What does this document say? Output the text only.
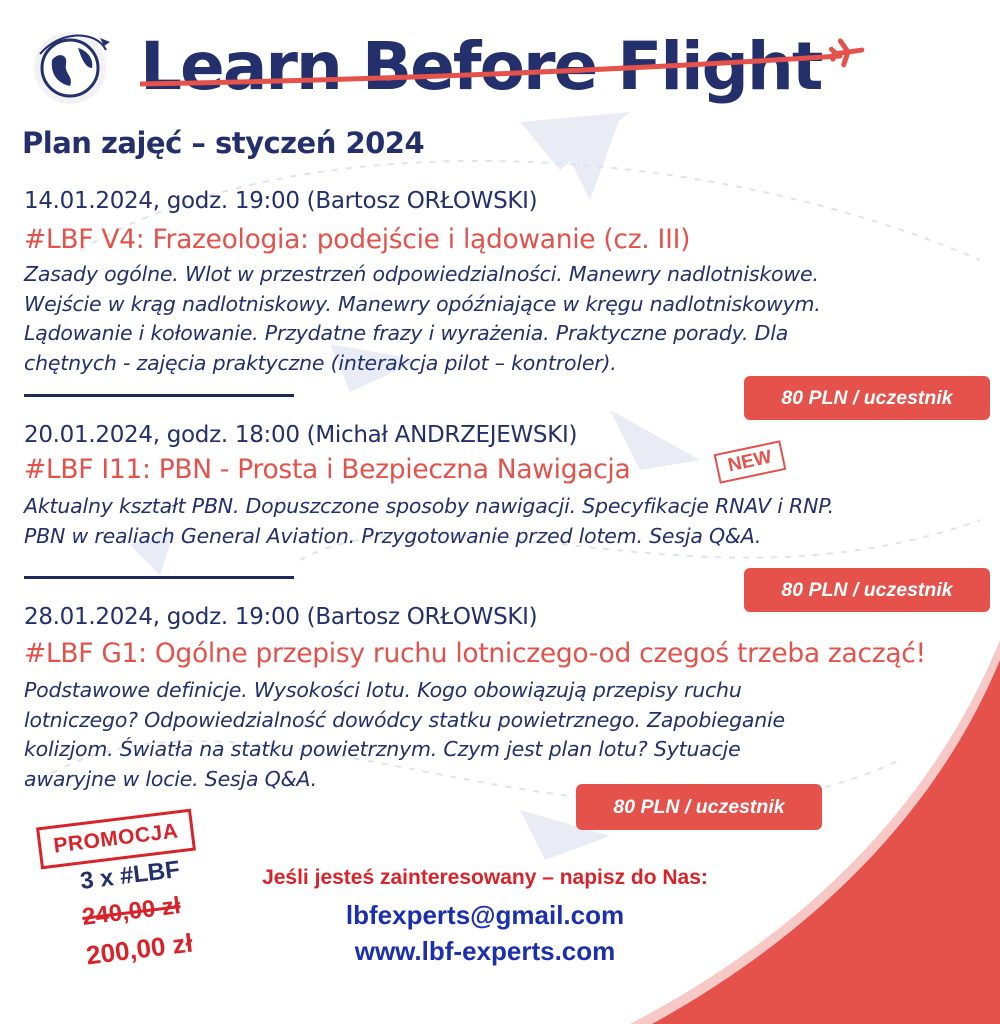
Learn Before Flight
Plan zajęć – styczeń 2024
14.01.2024, godz. 19:00 (Bartosz ORŁOWSKI)
#LBF V4: Frazeologia: podejście i lądowanie (cz. III)
Zasady ogólne. Wlot w przestrzeń odpowiedzialności. Manewry nadlotniskowe.
Wejście w krąg nadlotniskowy. Manewry opóźniające w kręgu nadlotniskowym.
Lądowanie i kołowanie. Przydatne frazy i wyrażenia. Praktyczne porady. Dla
chętnych - zajęcia praktyczne (interakcja pilot – kontroler).
80 PLN / uczestnik
20.01.2024, godz. 18:00 (Michał ANDRZEJEWSKI)
#LBF I11: PBN - Prosta i Bezpieczna Nawigacja	NEW
Aktualny kształt PBN. Dopuszczone sposoby nawigacji. Specyfikacje RNAV i RNP.
PBN w realiach General Aviation. Przygotowanie przed lotem. Sesja Q&A.
80 PLN / uczestnik
28.01.2024, godz. 19:00 (Bartosz ORŁOWSKI)
#LBF G1: Ogólne przepisy ruchu lotniczego-od czegoś trzeba zacząć!
Podstawowe definicje. Wysokości lotu. Kogo obowiązują przepisy ruchu
lotniczego? Odpowiedzialność dowódcy statku powietrznego. Zapobieganie
kolizjom. Światła na statku powietrznym. Czym jest plan lotu? Sytuacje
awaryjne w locie. Sesja Q&A.
80 PLN / uczestnik
PROMOCJA
3 x #LBF
240,00 zł
200,00 zł
Jeśli jesteś zainteresowany – napisz do Nas:
lbfexperts@gmail.com
www.lbf-experts.com
